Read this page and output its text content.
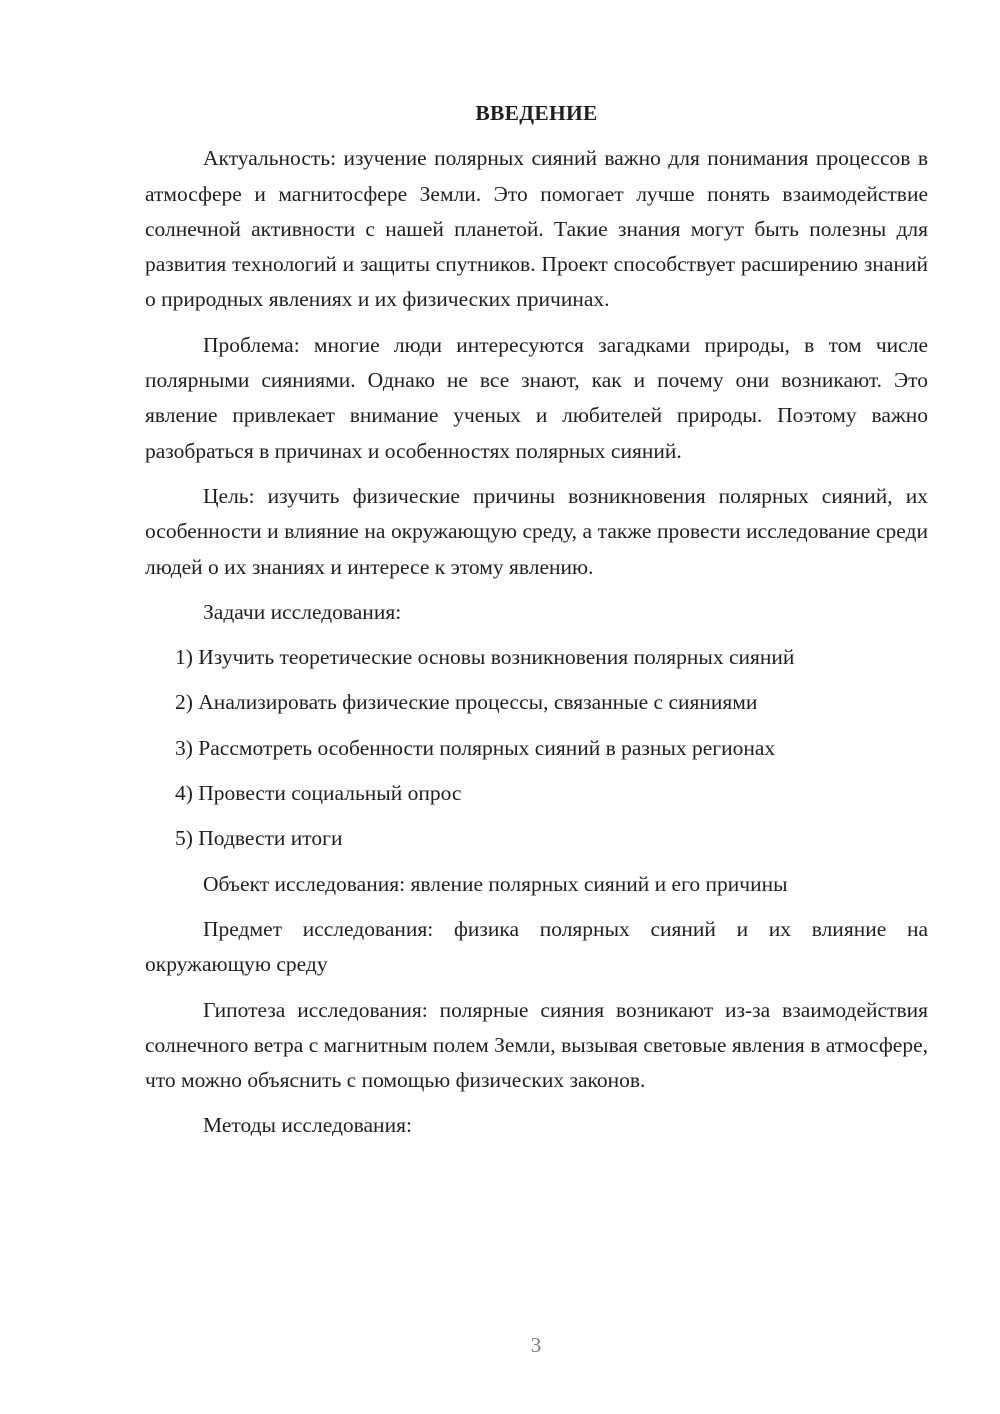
ВВЕДЕНИЕ

Актуальность: изучение полярных сияний важно для понимания процессов в атмосфере и магнитосфере Земли. Это помогает лучше понять взаимодействие солнечной активности с нашей планетой. Такие знания могут быть полезны для развития технологий и защиты спутников. Проект способствует расширению знаний о природных явлениях и их физических причинах.

Проблема: многие люди интересуются загадками природы, в том числе полярными сияниями. Однако не все знают, как и почему они возникают. Это явление привлекает внимание ученых и любителей природы. Поэтому важно разобраться в причинах и особенностях полярных сияний.

Цель: изучить физические причины возникновения полярных сияний, их особенности и влияние на окружающую среду, а также провести исследование среди людей о их знаниях и интересе к этому явлению.

Задачи исследования:

1) Изучить теоретические основы возникновения полярных сияний

2) Анализировать физические процессы, связанные с сияниями

3) Рассмотреть особенности полярных сияний в разных регионах

4) Провести социальный опрос

5) Подвести итоги

Объект исследования: явление полярных сияний и его причины

Предмет исследования: физика полярных сияний и их влияние на окружающую среду

Гипотеза исследования: полярные сияния возникают из-за взаимодействия солнечного ветра с магнитным полем Земли, вызывая световые явления в атмосфере, что можно объяснить с помощью физических законов.

Методы исследования:

3
